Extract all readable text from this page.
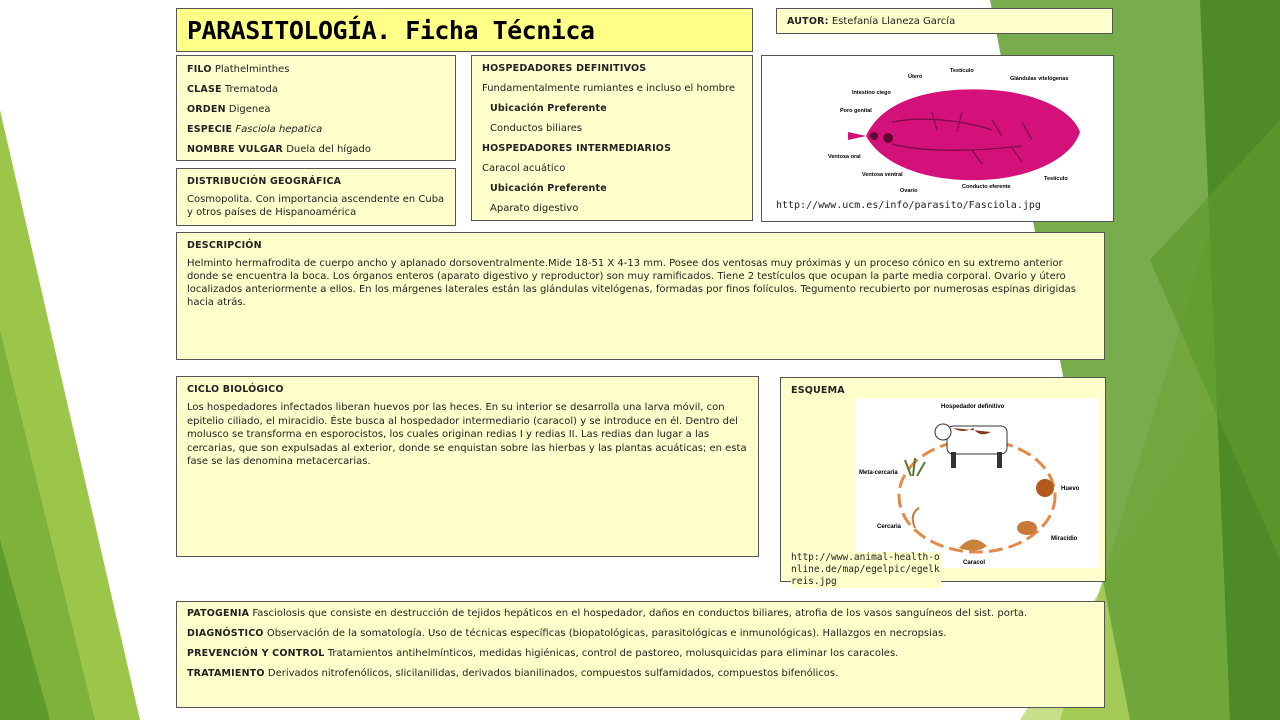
PARASITOLOGÍA. Ficha Técnica	AUTOR: Estefanía Llaneza García
FILO Plathelminthes
CLASE Trematoda
ORDEN Digenea
ESPECIE Fasciola hepatica
NOMBRE VULGAR Duela del hígado
DISTRIBUCIÓN GEOGRÁFICA

Cosmopolita. Con importancia ascendente en Cuba y otros países de Hispanoamérica

HOSPEDADORES DEFINITIVOS
Fundamentalmente rumiantes e incluso el hombre
Ubicación Preferente
Conductos biliares
HOSPEDADORES INTERMEDIARIOS
Caracol acuático
Ubicación Preferente
Aparato digestivo
Intestino ciego
Útero
Testículo
Glándulas vitelógenas
Poro genital
Ventosa oral
Ventosa ventral
Ovario
Conducto eferente
Testículo
http://www.ucm.es/info/parasito/Fasciola.jpg
DESCRIPCIÓN

Helminto hermafrodita de cuerpo ancho y aplanado dorsoventralmente.Mide 18-51 X 4-13 mm. Posee dos ventosas muy próximas y un proceso cónico en su extremo anterior donde se encuentra la boca. Los órganos enteros (aparato digestivo y reproductor) son muy ramificados. Tiene 2 testículos que ocupan la parte media corporal. Ovario y útero localizados anteriormente a ellos. En los márgenes laterales están las glándulas vitelógenas, formadas por finos folículos. Tegumento recubierto por numerosas espinas dirigidas hacia atrás.

CICLO BIOLÓGICO

Los hospedadores infectados liberan huevos por las heces. En su interior se desarrolla una larva móvil, con epitelio ciliado, el miracidio. Éste busca al hospedador intermediario (caracol) y se introduce en él. Dentro del molusco se transforma en esporocistos, los cuales originan redias I y redias II. Las redias dan lugar a las cercarias, que son expulsadas al exterior, donde se enquistan sobre las hierbas y las plantas acuáticas; en esta fase se las denomina metacercarias.

ESQUEMA
Hospedador definitivo
Huevo
Miracidio
Caracol
Cercaria
Meta-cercaria
http://www.animal-health-online.de/map/egelpic/egelkreis.jpg
PATOGENIA Fasciolosis que consiste en destrucción de tejidos hepáticos en el hospedador, daños en conductos biliares, atrofia de los vasos sanguíneos del sist. porta.
DIAGNÓSTICO Observación de la somatología. Uso de técnicas específicas (biopatológicas, parasitológicas e inmunológicas). Hallazgos en necropsias.
PREVENCIÓN Y CONTROL Tratamientos antihelmínticos, medidas higiénicas, control de pastoreo, molusquicidas para eliminar los caracoles.
TRATAMIENTO Derivados nitrofenólicos, slicilanilidas, derivados bianilinados, compuestos sulfamidados, compuestos bifenólicos.
